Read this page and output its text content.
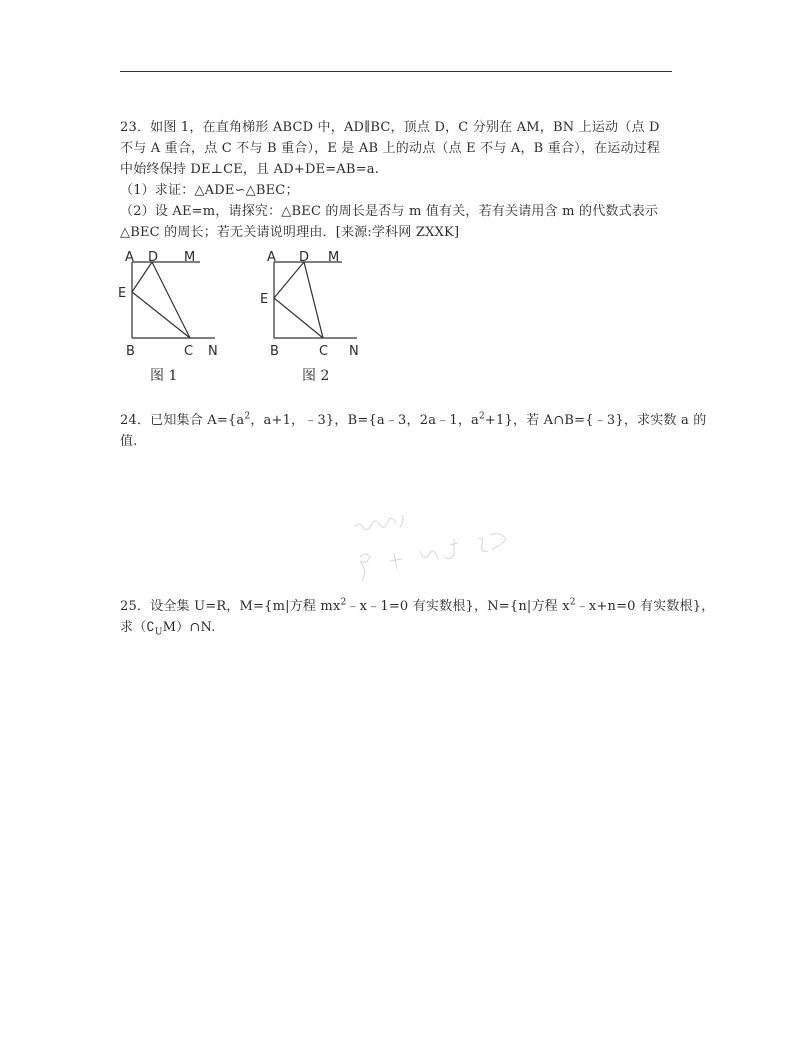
23．如图 1，在直角梯形 ABCD 中，AD∥BC，顶点 D，C 分别在 AM，BN 上运动（点 D

不与 A 重合，点 C 不与 B 重合），E 是 AB 上的动点（点 E 不与 A，B 重合），在运动过程

中始终保持 DE⊥CE，且 AD+DE=AB=a.

（1）求证：△ADE∽△BEC；

（2）设 AE=m，请探究：△BEC 的周长是否与 m 值有关，若有关请用含 m 的代数式表示

△BEC 的周长；若无关请说明理由．[来源:学科网 ZXXK]

A D M
E
B	C N
A D M
E
B	C N
图 1	图 2

24．已知集合 $A=\{a^2$，a+1，﹣3}，B={a﹣3，2a﹣1，$a^2+1$}，若 A∩B={﹣3}，求实数 a 的

值.

25．设全集 U=R，M={m|方程 $mx^2﹣x﹣1=0$ 有实数根}，N={n|方程 $x^2﹣x+n=0$ 有实数根}，

求$(∁_UM)\cap N$.
